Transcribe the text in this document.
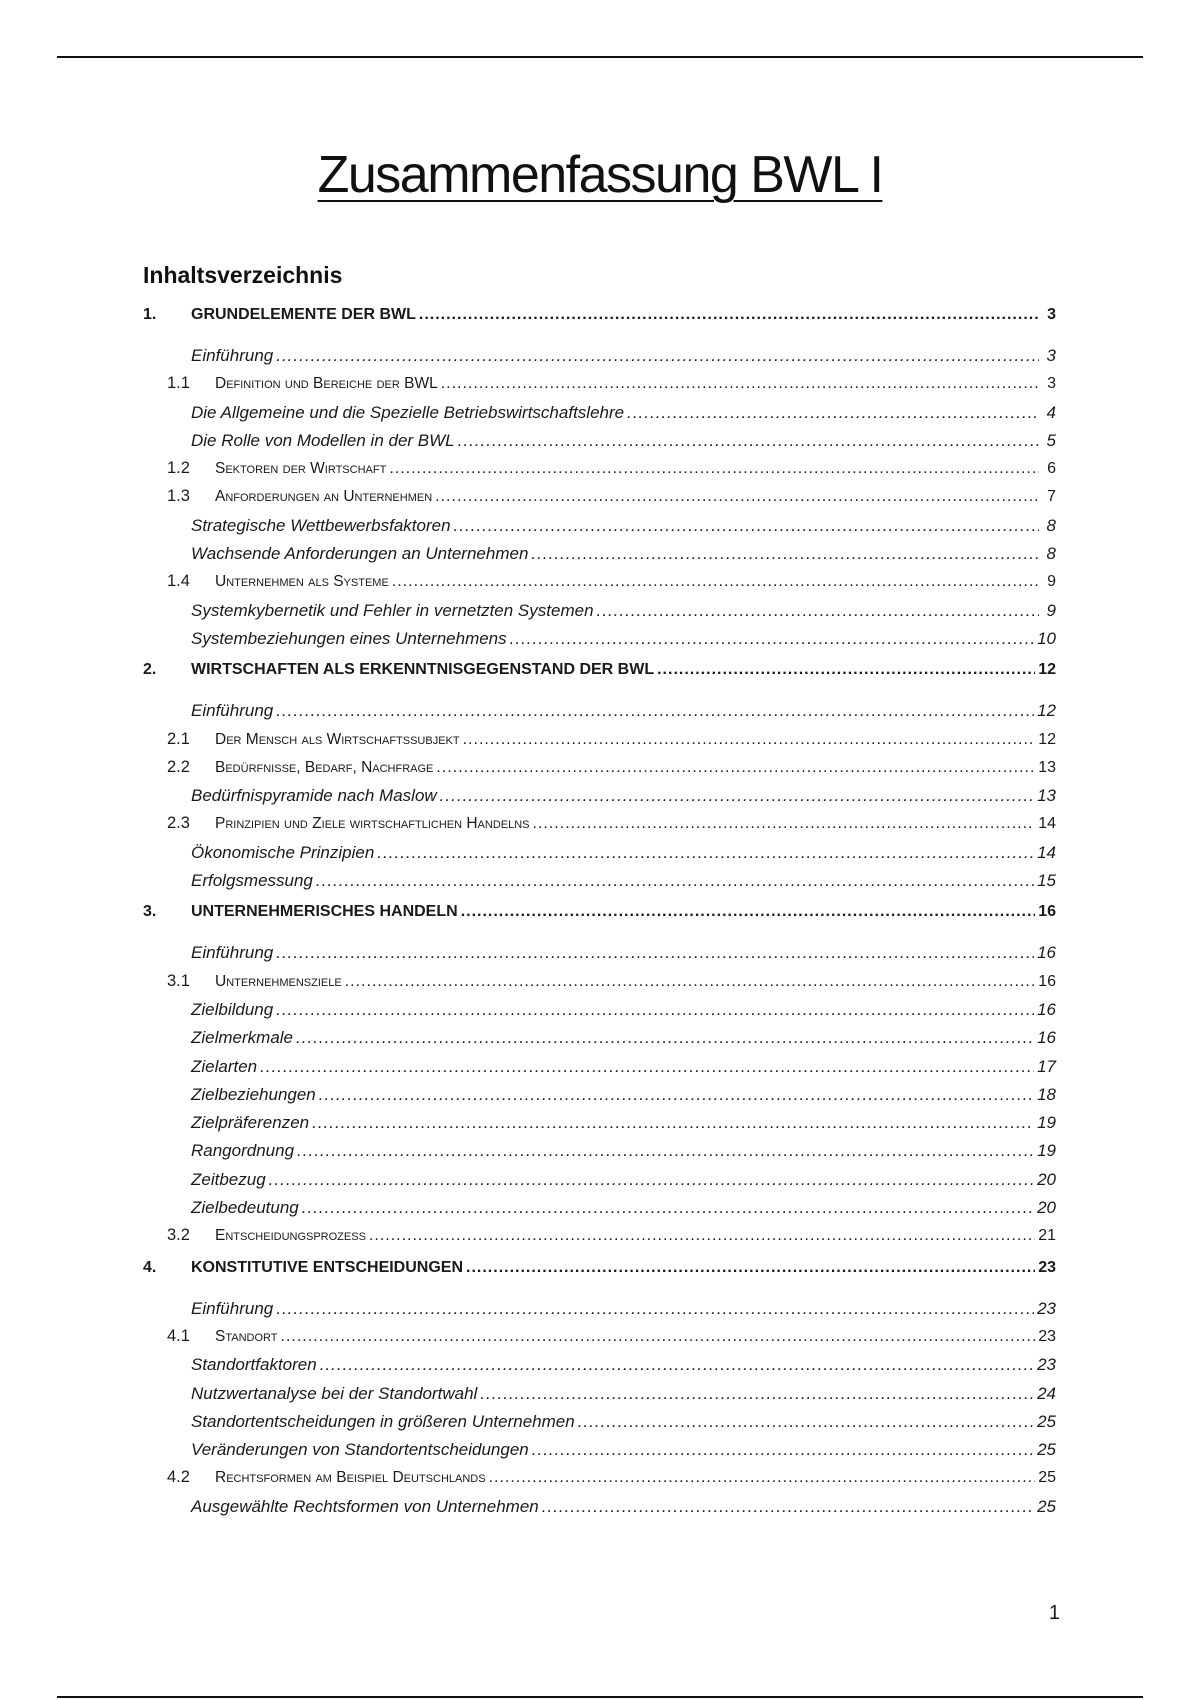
Zusammenfassung BWL I
Inhaltsverzeichnis
1.	GRUNDELEMENTE DER BWL .....	3
Einführung .....	3
1.1	Definition und Bereiche der BWL .....	3
Die Allgemeine und die Spezielle Betriebswirtschaftslehre .....	4
Die Rolle von Modellen in der BWL .....	5
1.2	Sektoren der Wirtschaft .....	6
1.3	Anforderungen an Unternehmen .....	7
Strategische Wettbewerbsfaktoren .....	8
Wachsende Anforderungen an Unternehmen .....	8
1.4	Unternehmen als Systeme .....	9
Systemkybernetik und Fehler in vernetzten Systemen .....	9
Systembeziehungen eines Unternehmens .....	10
2.	WIRTSCHAFTEN ALS ERKENNTNISGEGENSTAND DER BWL .....	12
Einführung .....	12
2.1	Der Mensch als Wirtschaftssubjekt .....	12
2.2	Bedürfnisse, Bedarf, Nachfrage .....	13
Bedürfnispyramide nach Maslow .....	13
2.3	Prinzipien und Ziele wirtschaftlichen Handelns .....	14
Ökonomische Prinzipien .....	14
Erfolgsmessung .....	15
3.	UNTERNEHMERISCHES HANDELN .....	16
Einführung .....	16
3.1	Unternehmensziele .....	16
Zielbildung .....	16
Zielmerkmale .....	16
Zielarten .....	17
Zielbeziehungen .....	18
Zielpräferenzen .....	19
Rangordnung .....	19
Zeitbezug .....	20
Zielbedeutung .....	20
3.2	Entscheidungsprozess .....	21
4.	KONSTITUTIVE ENTSCHEIDUNGEN .....	23
Einführung .....	23
4.1	Standort .....	23
Standortfaktoren .....	23
Nutzwertanalyse bei der Standortwahl .....	24
Standortentscheidungen in größeren Unternehmen .....	25
Veränderungen von Standortentscheidungen .....	25
4.2	Rechtsformen am Beispiel Deutschlands .....	25
Ausgewählte Rechtsformen von Unternehmen .....	25
1
